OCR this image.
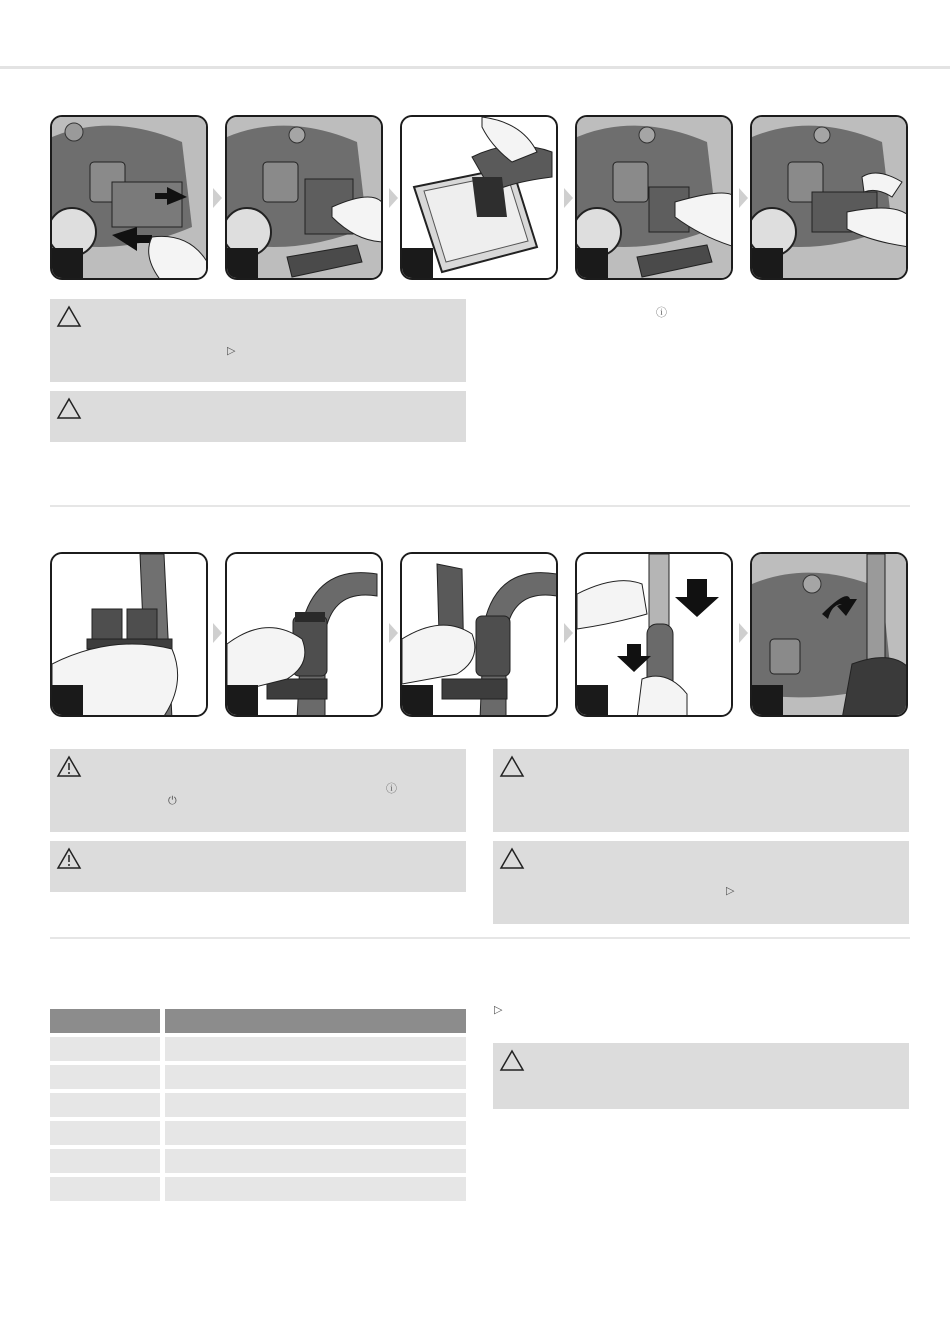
▷
ⓘ
ⓘ
⏻
▷

▷
